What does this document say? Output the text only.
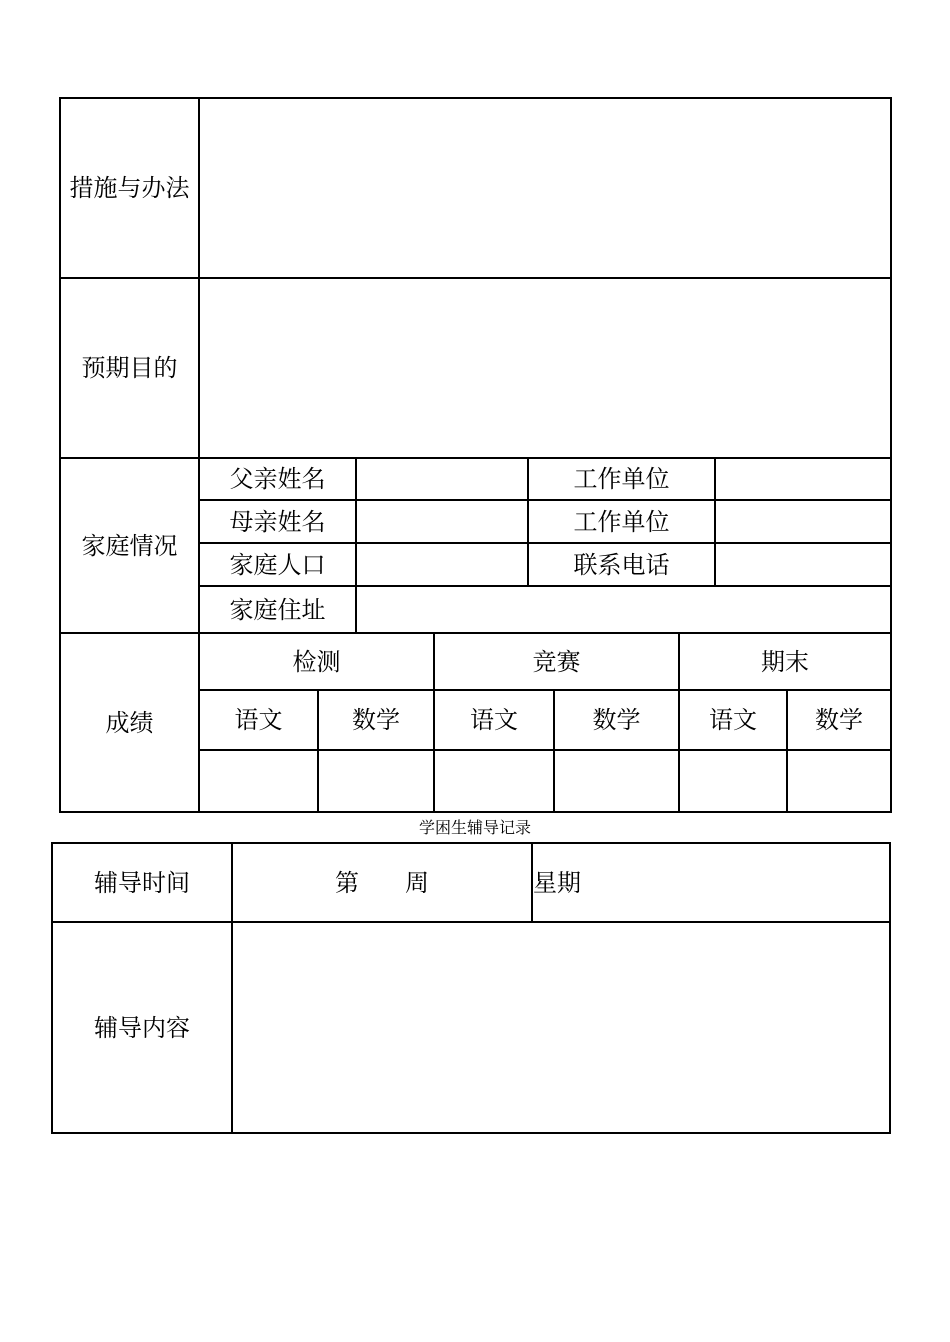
措施与办法
预期目的
家庭情况
父亲姓名	工作单位
母亲姓名	工作单位
家庭人口	联系电话
家庭住址
成绩
检测	竞赛	期末
语文	数学	语文	数学	语文	数学
学困生辅导记录
辅导时间	第 周	星期
辅导内容
